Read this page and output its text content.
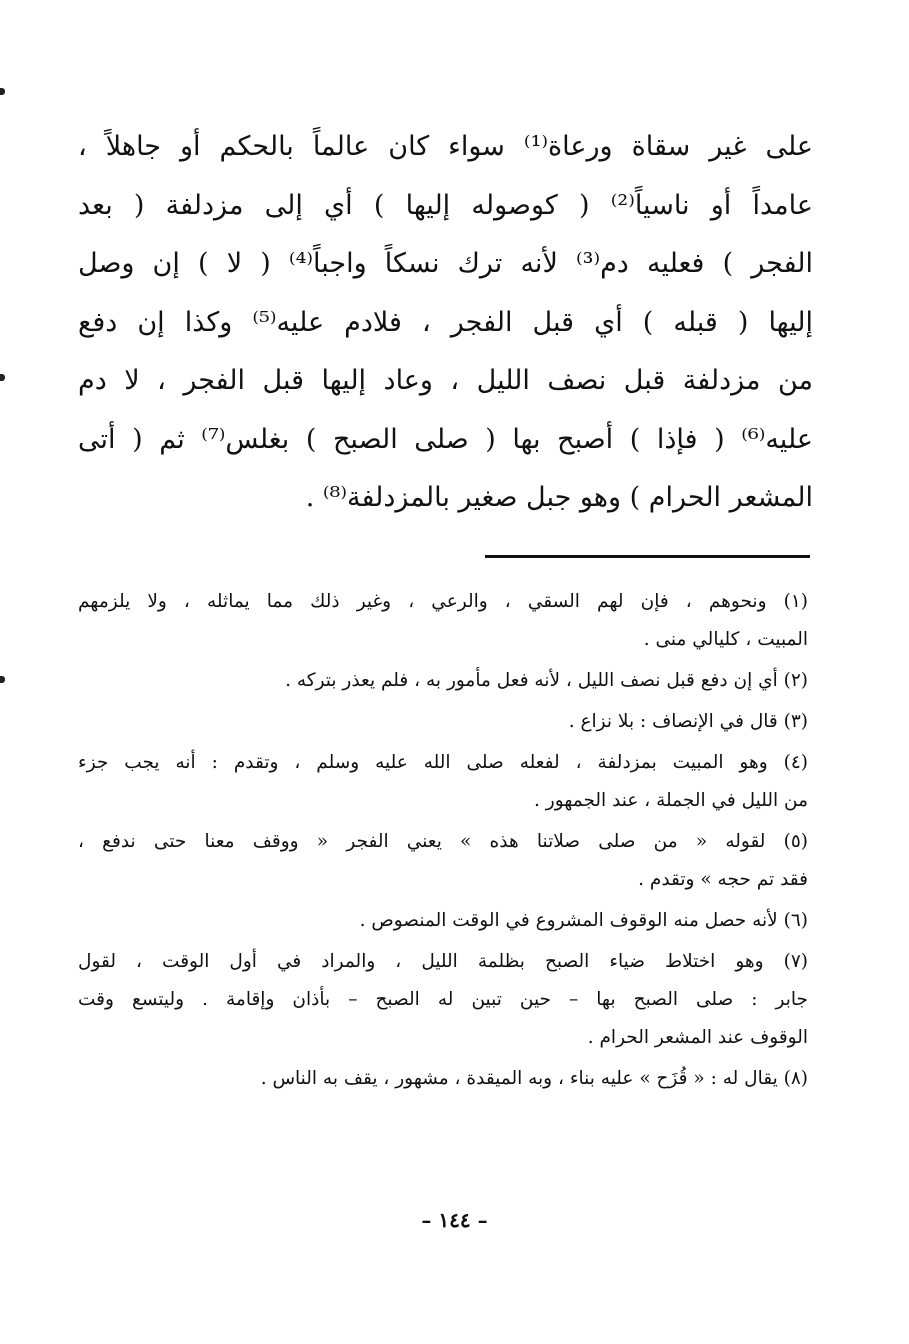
على غير سقاة ورعاة⁽¹⁾ سواء كان عالماً بالحكم أو جاهلاً ،
عامداً أو ناسياً⁽²⁾ ( كوصوله إليها ) أي إلى مزدلفة ( بعد
الفجر ) فعليه دم⁽³⁾ لأنه ترك نسكاً واجباً⁽⁴⁾ ( لا ) إن وصل
إليها ( قبله ) أي قبل الفجر ، فلادم عليه⁽⁵⁾ وكذا إن دفع
من مزدلفة قبل نصف الليل ، وعاد إليها قبل الفجر ، لا دم
عليه⁽⁶⁾ ( فإذا ) أصبح بها ( صلى الصبح ) بغلس⁽⁷⁾ ثم ( أتى
المشعر الحرام ) وهو جبل صغير بالمزدلفة⁽⁸⁾ .
(١) ونحوهم ، فإن لهم السقي ، والرعي ، وغير ذلك مما يماثله ، ولا يلزمهم
المبيت ، كليالي منى .
(٢) أي إن دفع قبل نصف الليل ، لأنه فعل مأمور به ، فلم يعذر بتركه .
(٣) قال في الإنصاف : بلا نزاع .
(٤) وهو المبيت بمزدلفة ، لفعله صلى الله عليه وسلم ، وتقدم : أنه يجب جزء
من الليل في الجملة ، عند الجمهور .
(٥) لقوله « من صلى صلاتنا هذه » يعني الفجر « ووقف معنا حتى ندفع ،
فقد تم حجه » وتقدم .
(٦) لأنه حصل منه الوقوف المشروع في الوقت المنصوص .
(٧) وهو اختلاط ضياء الصبح بظلمة الليل ، والمراد في أول الوقت ، لقول
جابر : صلى الصبح بها – حين تبين له الصبح – بأذان وإقامة . وليتسع وقت
الوقوف عند المشعر الحرام .
(٨) يقال له : « قُزَح » عليه بناء ، وبه الميقدة ، مشهور ، يقف به الناس .
– ١٤٤ –
